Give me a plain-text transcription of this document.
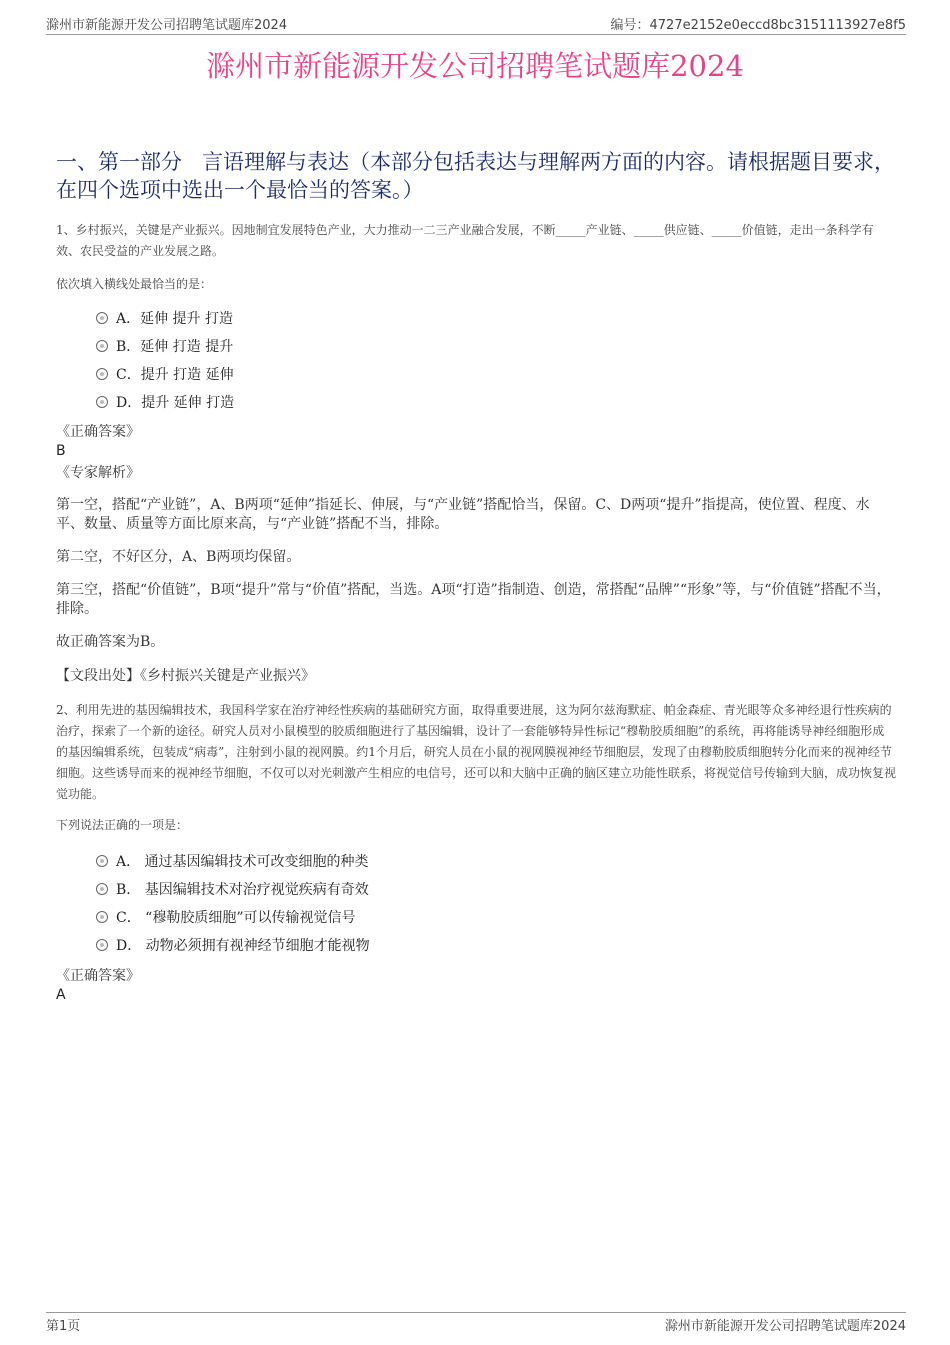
滁州市新能源开发公司招聘笔试题库2024	编号：4727e2152e0eccd8bc3151113927e8f5
滁州市新能源开发公司招聘笔试题库2024
一、第一部分 言语理解与表达（本部分包括表达与理解两方面的内容。请根据题目要求，在四个选项中选出一个最恰当的答案。）
1、乡村振兴，关键是产业振兴。因地制宜发展特色产业，大力推动一二三产业融合发展，不断_____产业链、_____供应链、_____价值链，走出一条科学有效、农民受益的产业发展之路。
依次填入横线处最恰当的是：
A．延伸 提升 打造
B．延伸 打造 提升
C．提升 打造 延伸
D．提升 延伸 打造
《正确答案》
B
《专家解析》
第一空，搭配“产业链”，A、B两项“延伸”指延长、伸展，与“产业链”搭配恰当，保留。C、D两项“提升”指提高，使位置、程度、水平、数量、质量等方面比原来高，与“产业链”搭配不当，排除。
第二空，不好区分，A、B两项均保留。
第三空，搭配“价值链”，B项“提升”常与“价值”搭配，当选。A项“打造”指制造、创造，常搭配“品牌”“形象”等，与“价值链”搭配不当，排除。
故正确答案为B。
【文段出处】《乡村振兴关键是产业振兴》
2、利用先进的基因编辑技术，我国科学家在治疗神经性疾病的基础研究方面，取得重要进展，这为阿尔兹海默症、帕金森症、青光眼等众多神经退行性疾病的治疗，探索了一个新的途径。研究人员对小鼠模型的胶质细胞进行了基因编辑，设计了一套能够特异性标记“穆勒胶质细胞”的系统，再将能诱导神经细胞形成的基因编辑系统，包装成“病毒”，注射到小鼠的视网膜。约1个月后，研究人员在小鼠的视网膜视神经节细胞层，发现了由穆勒胶质细胞转分化而来的视神经节细胞。这些诱导而来的视神经节细胞，不仅可以对光刺激产生相应的电信号，还可以和大脑中正确的脑区建立功能性联系，将视觉信号传输到大脑，成功恢复视觉功能。
下列说法正确的一项是：
A． 通过基因编辑技术可改变细胞的种类
B． 基因编辑技术对治疗视觉疾病有奇效
C． “穆勒胶质细胞”可以传输视觉信号
D． 动物必须拥有视神经节细胞才能视物
《正确答案》
A
第1页	滁州市新能源开发公司招聘笔试题库2024
